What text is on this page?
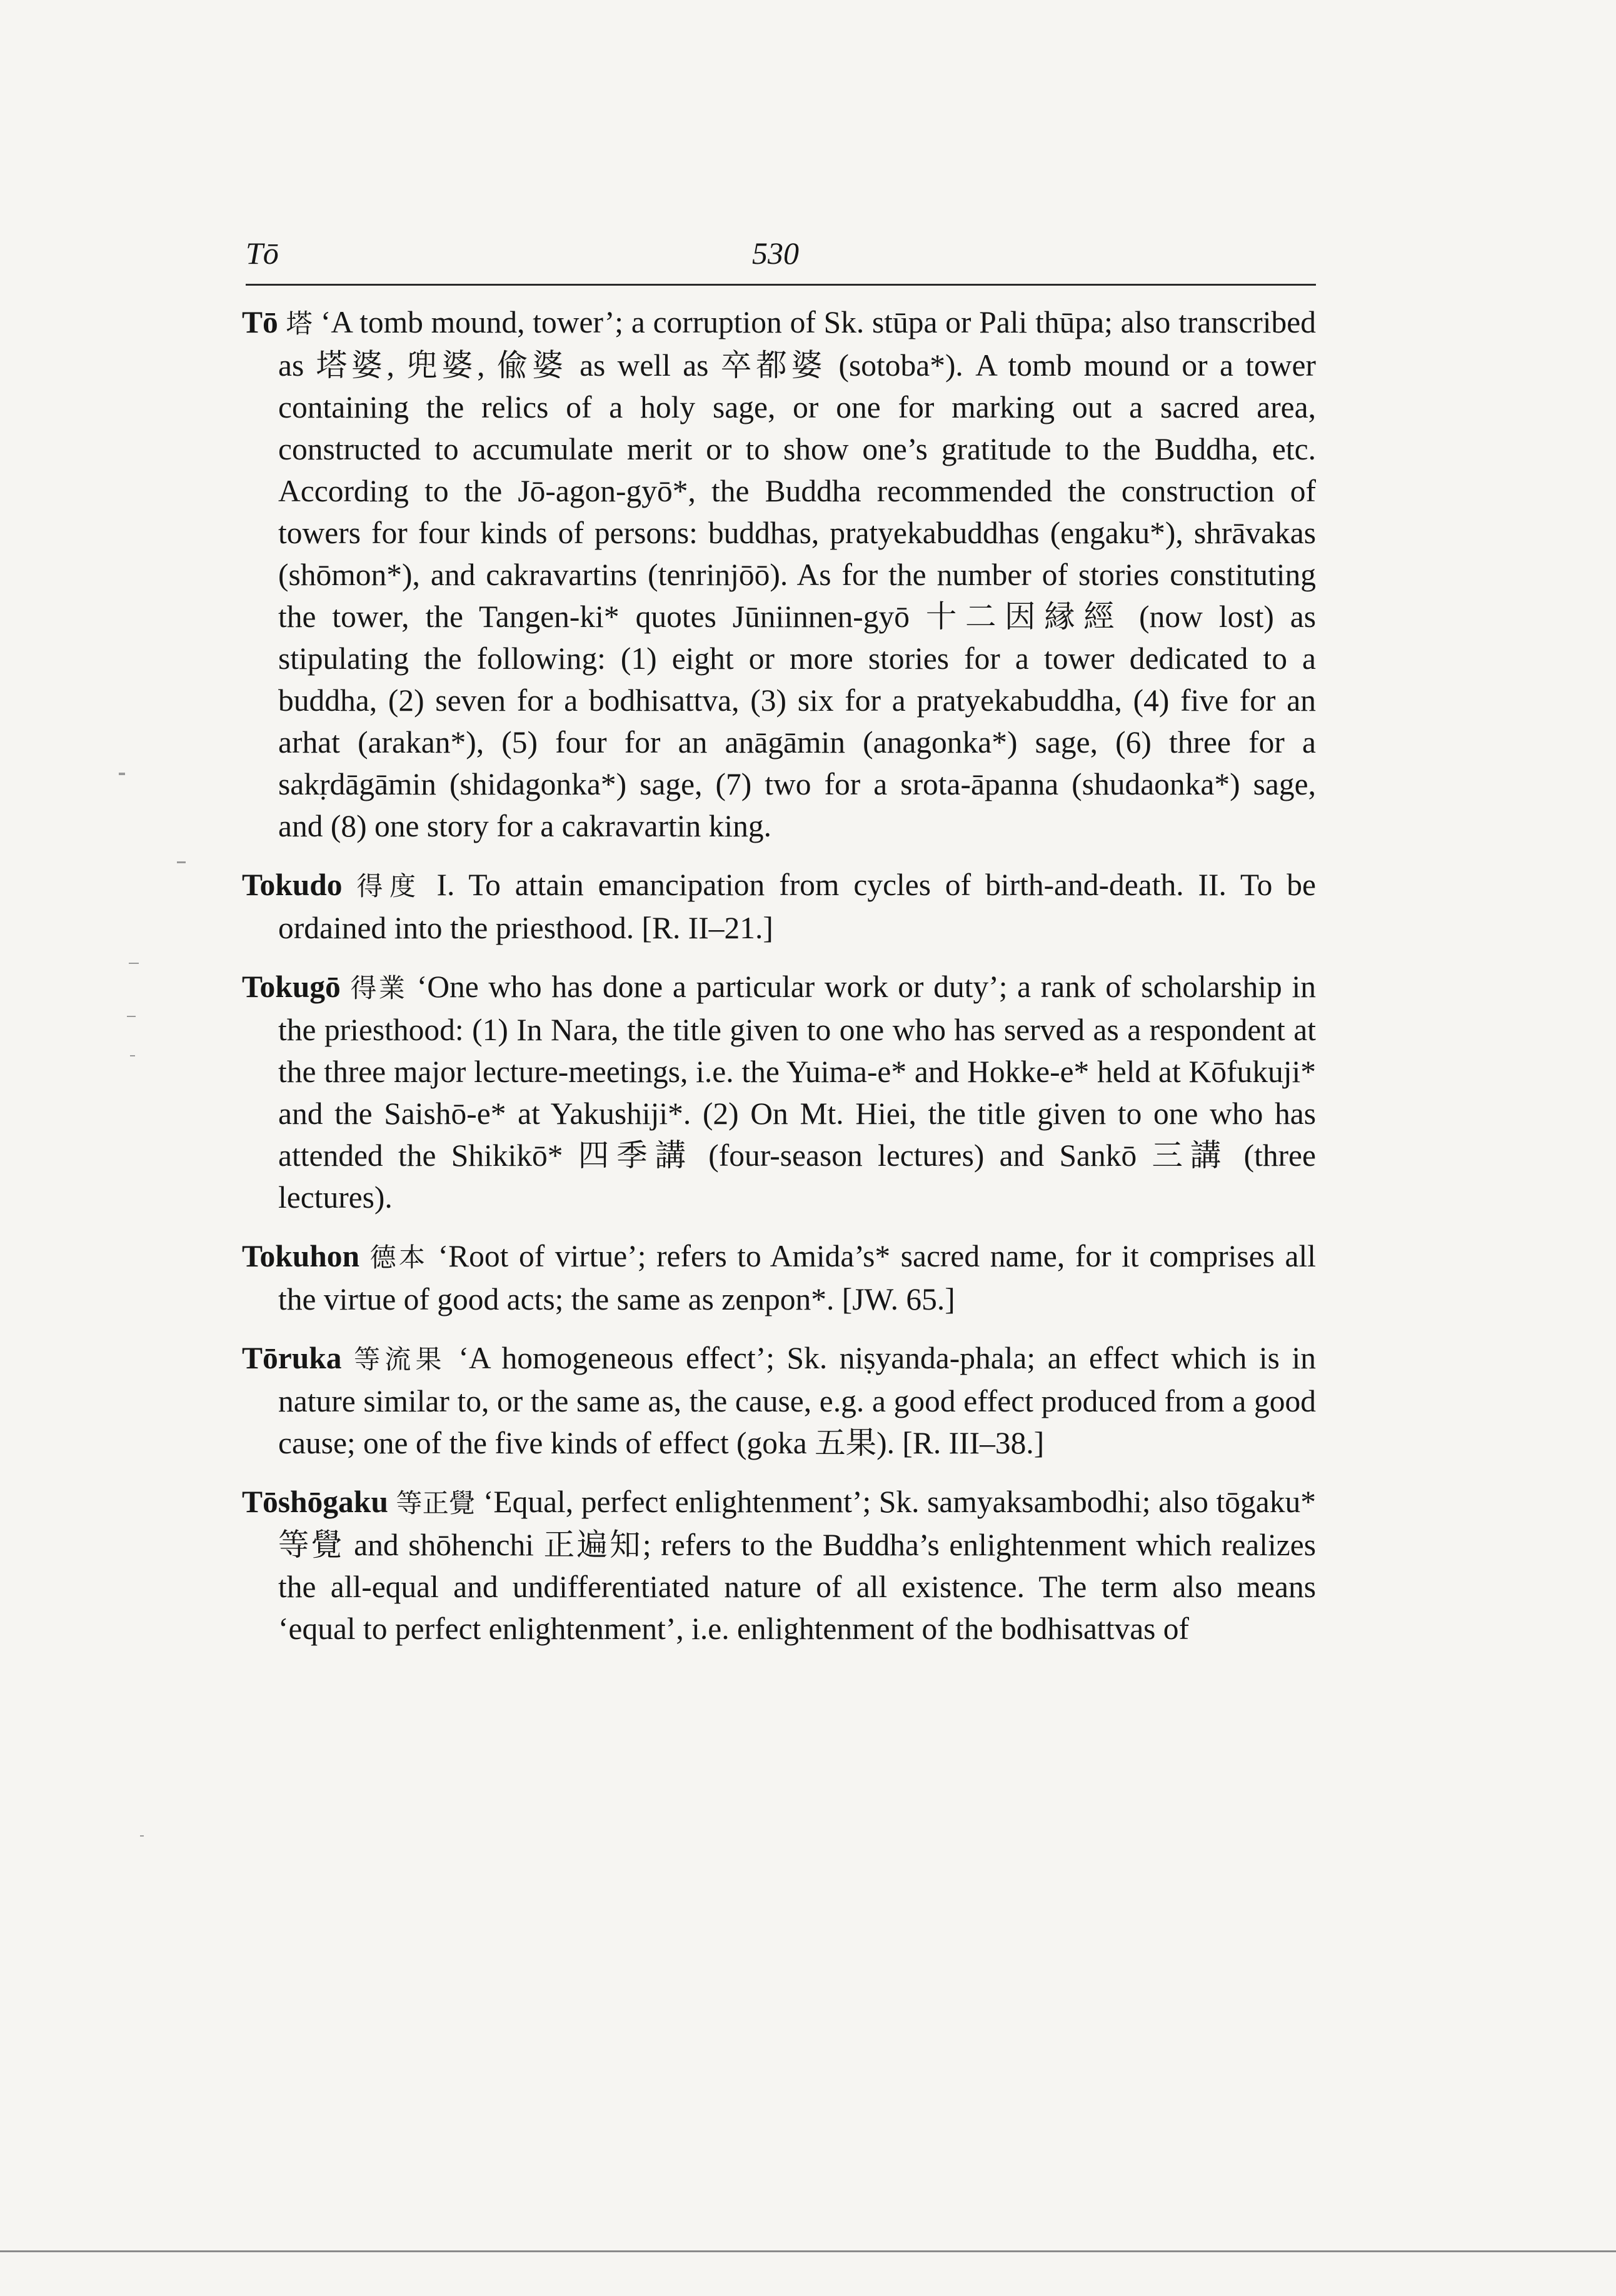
Tō	530

Tō 塔 ‘A tomb mound, tower’; a corruption of Sk. stūpa or Pali thūpa; also transcribed as 塔婆, 兜婆, 偸婆 as well as 卒都婆 (sotoba*). A tomb mound or a tower containing the relics of a holy sage, or one for marking out a sacred area, constructed to accumulate merit or to show one’s gratitude to the Buddha, etc. According to the Jō-agon-gyō*, the Buddha recommended the construction of towers for four kinds of persons: buddhas, pratyekabuddhas (engaku*), shrāvakas (shōmon*), and cakravartins (tenrinjōō). As for the number of stories constituting the tower, the Tangen-ki* quotes Jūniinnen-gyō 十二因縁經 (now lost) as stipulating the following: (1) eight or more stories for a tower dedicated to a buddha, (2) seven for a bodhisattva, (3) six for a pratyekabuddha, (4) five for an arhat (arakan*), (5) four for an anāgāmin (anagonka*) sage, (6) three for a sakṛdāgāmin (shidagonka*) sage, (7) two for a srota-āpanna (shudaonka*) sage, and (8) one story for a cakravartin king.

Tokudo 得度 I. To attain emancipation from cycles of birth-and-death. II. To be ordained into the priesthood. [R. II–21.]

Tokugō 得業 ‘One who has done a particular work or duty’; a rank of scholarship in the priesthood: (1) In Nara, the title given to one who has served as a respondent at the three major lecture-meetings, i.e. the Yuima-e* and Hokke-e* held at Kōfukuji* and the Saishō-e* at Yakushiji*. (2) On Mt. Hiei, the title given to one who has attended the Shikikō* 四季講 (four-season lectures) and Sankō 三講 (three lectures).

Tokuhon 德本 ‘Root of virtue’; refers to Amida’s* sacred name, for it comprises all the virtue of good acts; the same as zenpon*. [JW. 65.]

Tōruka 等流果 ‘A homogeneous effect’; Sk. niṣyanda-phala; an effect which is in nature similar to, or the same as, the cause, e.g. a good effect produced from a good cause; one of the five kinds of effect (goka 五果). [R. III–38.]

Tōshōgaku 等正覺 ‘Equal, perfect enlightenment’; Sk. samyaksambodhi; also tōgaku* 等覺 and shōhenchi 正遍知; refers to the Buddha’s enlightenment which realizes the all-equal and undifferentiated nature of all existence. The term also means ‘equal to perfect enlightenment’, i.e. enlightenment of the bodhisattvas of
